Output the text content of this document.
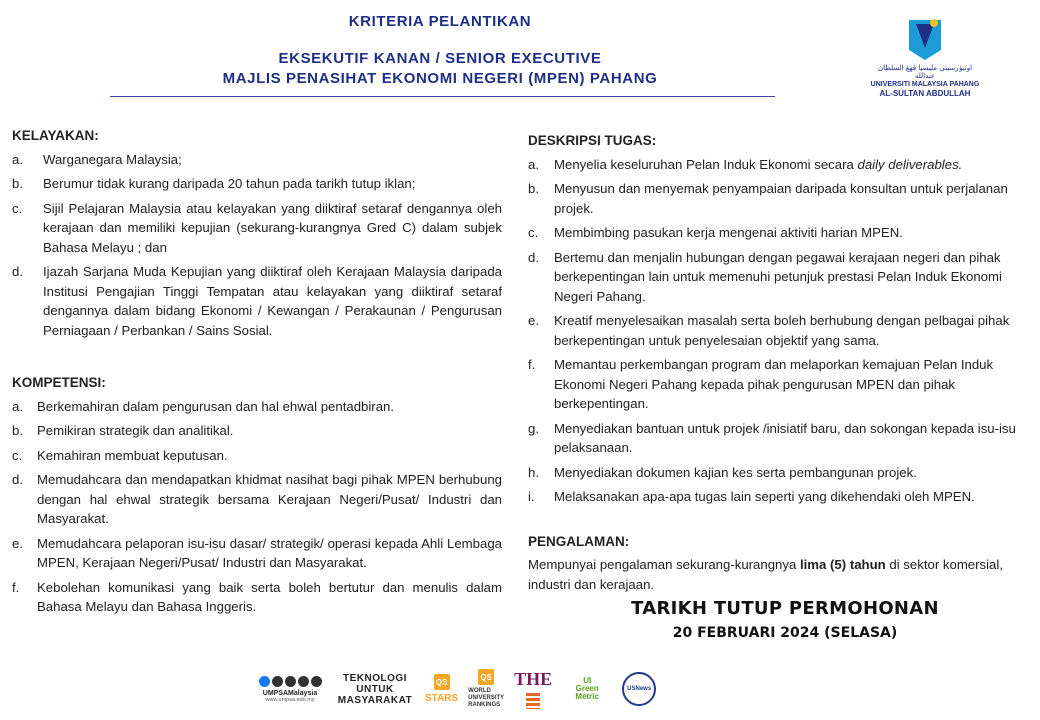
KRITERIA PELANTIKAN
EKSEKUTIF KANAN / SENIOR EXECUTIVE
MAJLIS PENASIHAT EKONOMI NEGERI (MPEN) PAHANG
اونيۏرسيتي مليسيا ڤهڠ السلطان عبدالله
UNIVERSITI MALAYSIA PAHANG
AL-SULTAN ABDULLAH
KELAYAKAN:
a.	Warganegara Malaysia;
b.	Berumur tidak kurang daripada 20 tahun pada tarikh tutup iklan;
c.	Sijil Pelajaran Malaysia atau kelayakan yang diiktiraf setaraf dengannya oleh kerajaan dan memiliki kepujian (sekurang-kurangnya Gred C) dalam subjek Bahasa Melayu ; dan
d.	Ijazah Sarjana Muda Kepujian yang diiktiraf oleh Kerajaan Malaysia daripada Institusi Pengajian Tinggi Tempatan atau kelayakan yang diiktiraf setaraf dengannya dalam bidang Ekonomi / Kewangan / Perakaunan / Pengurusan Perniagaan / Perbankan / Sains Sosial.
KOMPETENSI:
a.	Berkemahiran dalam pengurusan dan hal ehwal pentadbiran.
b.	Pemikiran strategik dan analitikal.
c.	Kemahiran membuat keputusan.
d.	Memudahcara dan mendapatkan khidmat nasihat bagi pihak MPEN berhubung dengan hal ehwal strategik bersama Kerajaan Negeri/Pusat/ Industri dan Masyarakat.
e.	Memudahcara pelaporan isu-isu dasar/ strategik/ operasi kepada Ahli Lembaga MPEN, Kerajaan Negeri/Pusat/ Industri dan Masyarakat.
f.	Kebolehan komunikasi yang baik serta boleh bertutur dan menulis dalam Bahasa Melayu dan Bahasa Inggeris.
DESKRIPSI TUGAS:
a.	Menyelia keseluruhan Pelan Induk Ekonomi secara daily deliverables.
b.	Menyusun dan menyemak penyampaian daripada konsultan untuk perjalanan projek.
c.	Membimbing pasukan kerja mengenai aktiviti harian MPEN.
d.	Bertemu dan menjalin hubungan dengan pegawai kerajaan negeri dan pihak berkepentingan lain untuk memenuhi petunjuk prestasi Pelan Induk Ekonomi Negeri Pahang.
e.	Kreatif menyelesaikan masalah serta boleh berhubung dengan pelbagai pihak berkepentingan untuk penyelesaian objektif yang sama.
f.	Memantau perkembangan program dan melaporkan kemajuan Pelan Induk Ekonomi Negeri Pahang kepada pihak pengurusan MPEN dan pihak berkepentingan.
g.	Menyediakan bantuan untuk projek /inisiatif baru, dan sokongan kepada isu-isu pelaksanaan.
h.	Menyediakan dokumen kajian kes serta pembangunan projek.
i.	Melaksanakan apa-apa tugas lain seperti yang dikehendaki oleh MPEN.
PENGALAMAN:
Mempunyai pengalaman sekurang-kurangnya lima (5) tahun di sektor komersial, industri dan kerajaan.
TARIKH TUTUP PERMOHONAN
20 FEBRUARI 2024 (SELASA)
UMPSAMalaysia
www.umpsa.edu.my
TEKNOLOGI
UNTUK
MASYARAKAT
QS
STARS
QS
WORLD
UNIVERSITY
RANKINGS
THE	UI
Green
Metric
USNews
